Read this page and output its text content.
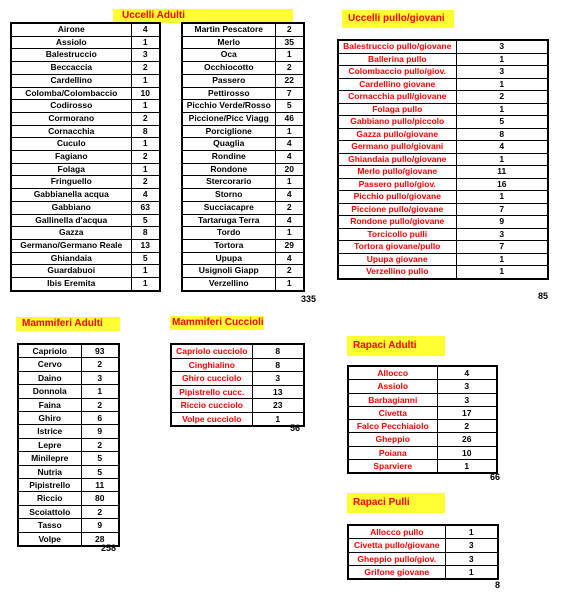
Uccelli Adulti	Uccelli pullo/giovani
Mammiferi Adulti	Mammiferi Cuccioli
Rapaci Adulti
Rapaci Pulli
Airone	4
Assiolo	1
Balestruccio	3
Beccaccia	2
Cardellino	1
Colomba/Colombaccio	10
Codirosso	1
Cormorano	2
Cornacchia	8
Cuculo	1
Fagiano	2
Folaga	1
Fringuello	2
Gabbianella acqua	4
Gabbiano	63
Gallinella d'acqua	5
Gazza	8
Germano/Germano Reale	13
Ghiandaia	5
Guardabuoi	1
Ibis Eremita	1
Martin Pescatore	2
Merlo	35
Oca	1
Occhiocotto	2
Passero	22
Pettirosso	7
Picchio Verde/Rosso	5
Piccione/Picc Viagg	46
Porciglione	1
Quaglia	4
Rondine	4
Rondone	20
Stercorario	1
Storno	4
Succiacapre	2
Tartaruga Terra	4
Tordo	1
Tortora	29
Upupa	4
Usignoli Giapp	2
Verzellino	1
335
Balestruccio pullo/giovane	3
Ballerina pullo	1
Colombaccio pullo/giov.	3
Cardellino giovane	1
Cornacchia pull/giovane	2
Folaga pullo	1
Gabbiano pullo/piccolo	5
Gazza pullo/giovane	8
Germano pullo/giovani	4
Ghiandaia pullo/giovane	1
Merlo pullo/giovane	11
Passero pullo/giov.	16
Picchio pullo/giovane	1
Piccione pullo/giovane	7
Rondone pullo/giovane	9
Torcicollo pulli	3
Tortora giovane/pullo	7
Upupa giovane	1
Verzellino pullo	1
85
Capriolo	93
Cervo	2
Daino	3
Donnola	1
Faina	2
Ghiro	6
Istrice	9
Lepre	2
Minilepre	5
Nutria	5
Pipistrello	11
Riccio	80
Scoiattolo	2
Tasso	9
Volpe	28
258
Capriolo cucciolo	8
Cinghialino	8
Ghiro cucciolo	3
Pipistrello cucc.	13
Riccio cucciolo	23
Volpe cucciolo	1
56
Allocco	4
Assiolo	3
Barbagianni	3
Civetta	17
Falco Pecchiaiolo	2
Gheppio	26
Poiana	10
Sparviere	1
66
Allocco pullo	1
Civetta pullo/giovane	3
Gheppio pullo/giov.	3
Grifone giovane	1
8
